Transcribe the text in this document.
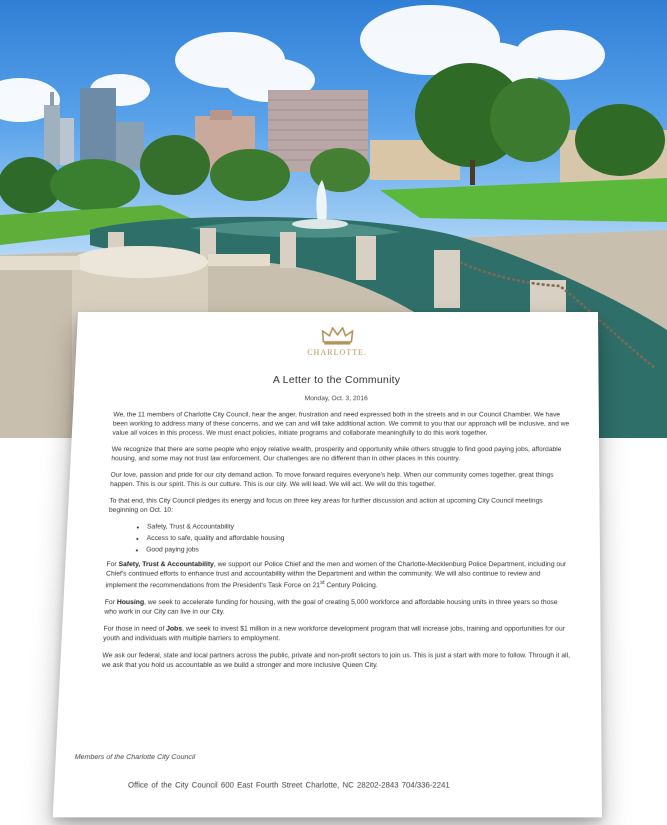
CHARLOTTE.
A Letter to the Community
Monday, Oct. 3, 2016

We, the 11 members of Charlotte City Council, hear the anger, frustration and need expressed both in the streets and in our Council Chamber. We have been working to address many of these concerns, and we can and will take additional action. We commit to you that our approach will be inclusive, and we value all voices in this process. We must enact policies, initiate programs and collaborate meaningfully to do this work together.

We recognize that there are some people who enjoy relative wealth, prosperity and opportunity while others struggle to find good paying jobs, affordable housing, and some may not trust law enforcement. Our challenges are no different than in other places in this country.

Our love, passion and pride for our city demand action. To move forward requires everyone's help. When our community comes together, great things happen. This is our spirit. This is our culture. This is our city. We will lead. We will act. We will do this together.

To that end, this City Council pledges its energy and focus on three key areas for further discussion and action at upcoming City Council meetings beginning on Oct. 10:

• Safety, Trust & Accountability
• Access to safe, quality and affordable housing
• Good paying jobs

For Safety, Trust & Accountability, we support our Police Chief and the men and women of the Charlotte-Mecklenburg Police Department, including our Chief's continued efforts to enhance trust and accountability within the Department and within the community. We will also continue to review and implement the recommendations from the President's Task Force on 21st Century Policing.

For Housing, we seek to accelerate funding for housing, with the goal of creating 5,000 workforce and affordable housing units in three years so those who work in our City can live in our City.

For those in need of Jobs, we seek to invest $1 million in a new workforce development program that will increase jobs, training and opportunities for our youth and individuals with multiple barriers to employment.

We ask our federal, state and local partners across the public, private and non-profit sectors to join us. This is just a start with more to follow. Through it all, we ask that you hold us accountable as we build a stronger and more inclusive Queen City.

Members of the Charlotte City Council
Office of the City Council 600 East Fourth Street Charlotte, NC 28202-2843 704/336-2241
